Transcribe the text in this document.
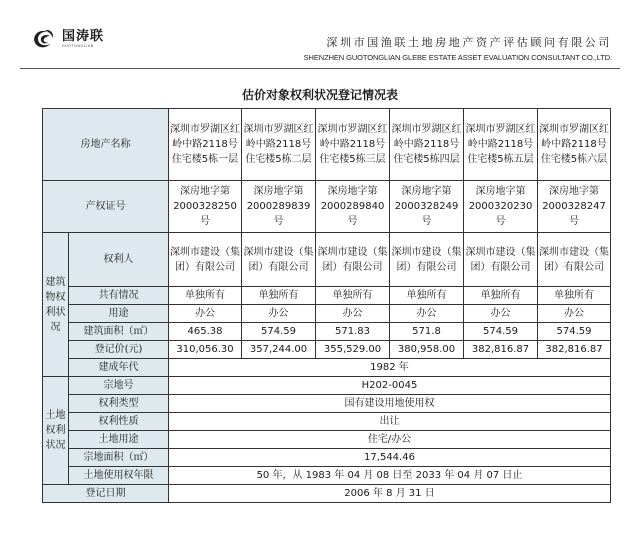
国涛联
GUOTONGLIAN	深圳市国渔联土地房地产资产评估顾问有限公司
SHENZHEN GUOTONGLIAN GLEBE ESTATE ASSET EVALUATION CONSULTANT CO.,LTD.
估价对象权利状况登记情况表
房地产名称		深圳市罗湖区红岭中路2118号住宅楼5栋一层	深圳市罗湖区红岭中路2118号住宅楼5栋二层	深圳市罗湖区红岭中路2118号住宅楼5栋三层	深圳市罗湖区红岭中路2118号住宅楼5栋四层	深圳市罗湖区红岭中路2118号住宅楼5栋五层	深圳市罗湖区红岭中路2118号住宅楼5栋六层
产权证号		深房地字第2000328250号	深房地字第2000289839号	深房地字第2000289840号	深房地字第2000328249号	深房地字第2000320230号	深房地字第2000328247号
建筑物权利状况	权利人	深圳市建设（集团）有限公司	深圳市建设（集团）有限公司	深圳市建设（集团）有限公司	深圳市建设（集团）有限公司	深圳市建设（集团）有限公司	深圳市建设（集团）有限公司
	共有情况	单独所有	单独所有	单独所有	单独所有	单独所有	单独所有
	用途	办公	办公	办公	办公	办公	办公
	建筑面积（㎡）	465.38	574.59	571.83	571.8	574.59	574.59
	登记价(元)	310,056.30	357,244.00	355,529.00	380,958.00	382,816.87	382,816.87
	建成年代	1982 年					
土地权利状况	宗地号	H202-0045					
	权利类型	国有建设用地使用权					
	权利性质	出让					
	土地用途	住宅/办公					
	宗地面积（㎡）	17,544.46					
	土地使用权年限	50 年，从 1983 年 04 月 08 日至 2033 年 04 月 07 日止					
登记日期		2006 年 8 月 31 日					
